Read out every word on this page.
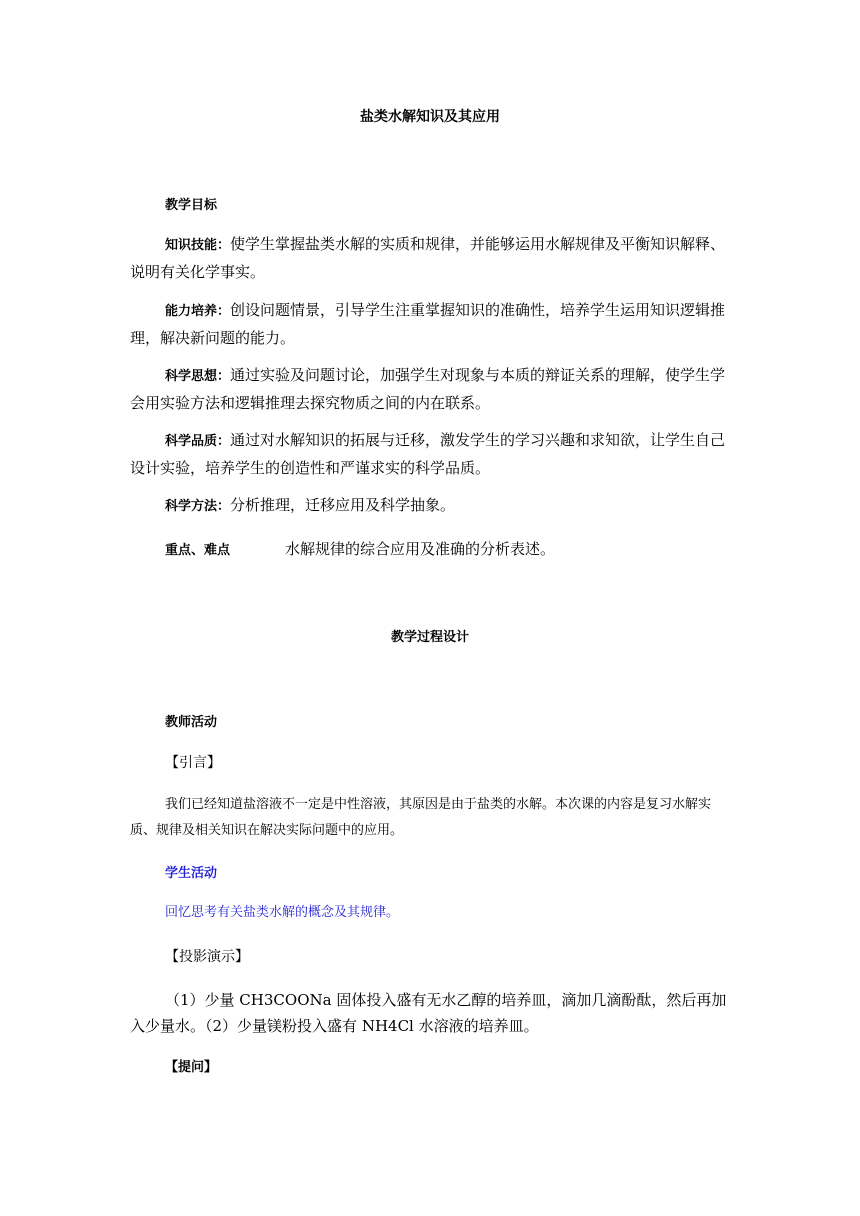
盐类水解知识及其应用
教学目标
知识技能：使学生掌握盐类水解的实质和规律，并能够运用水解规律及平衡知识解释、说明有关化学事实。
能力培养：创设问题情景，引导学生注重掌握知识的准确性，培养学生运用知识逻辑推理，解决新问题的能力。
科学思想：通过实验及问题讨论，加强学生对现象与本质的辩证关系的理解，使学生学会用实验方法和逻辑推理去探究物质之间的内在联系。
科学品质：通过对水解知识的拓展与迁移，激发学生的学习兴趣和求知欲，让学生自己设计实验，培养学生的创造性和严谨求实的科学品质。
科学方法：分析推理，迁移应用及科学抽象。
重点、难点	水解规律的综合应用及准确的分析表述。
教学过程设计
教师活动
【引言】
我们已经知道盐溶液不一定是中性溶液，其原因是由于盐类的水解。本次课的内容是复习水解实质、规律及相关知识在解决实际问题中的应用。
学生活动
回忆思考有关盐类水解的概念及其规律。
【投影演示】
（1）少量 CH3COONa 固体投入盛有无水乙醇的培养皿，滴加几滴酚酞，然后再加入少量水。（2）少量镁粉投入盛有 NH4Cl 水溶液的培养皿。
【提问】
